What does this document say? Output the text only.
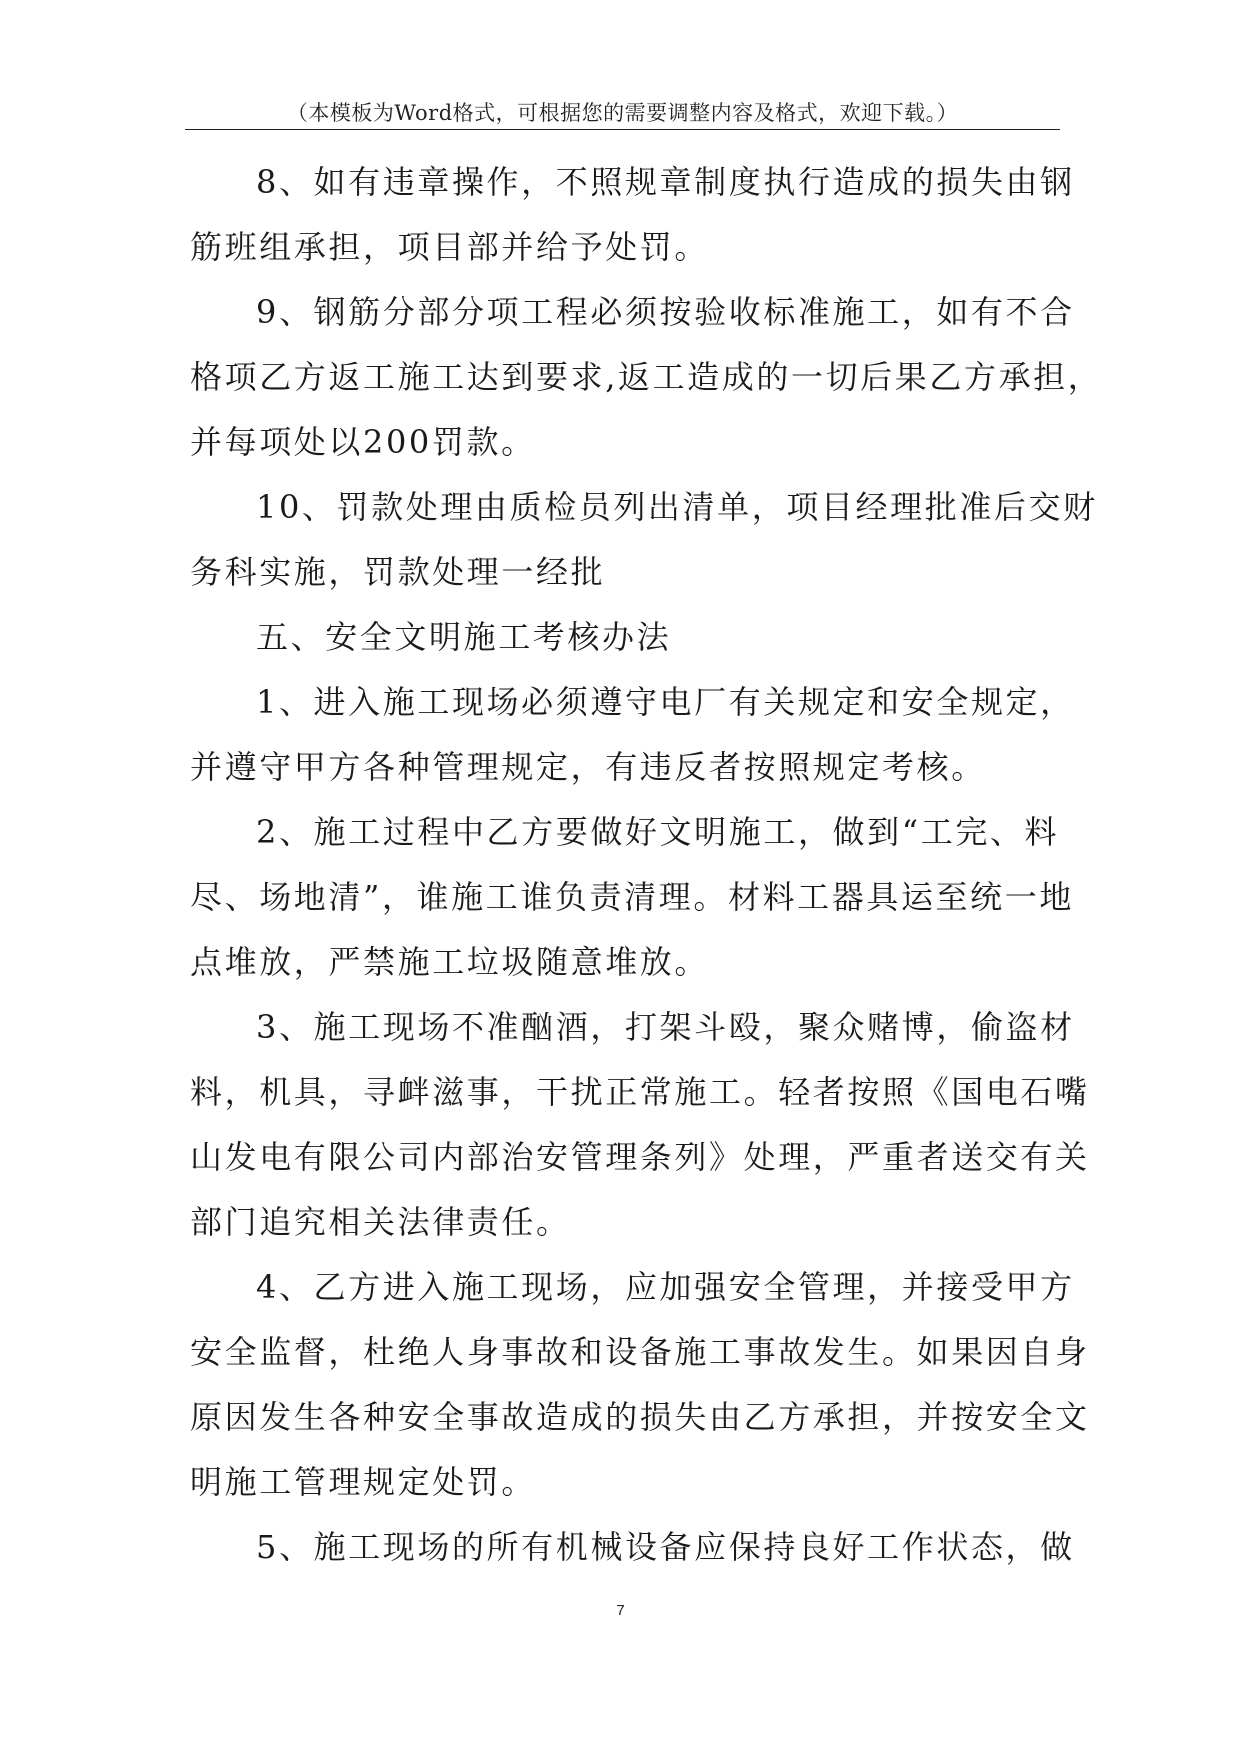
（本模板为Word格式，可根据您的需要调整内容及格式，欢迎下载。）

8、如有违章操作，不照规章制度执行造成的损失由钢
筋班组承担，项目部并给予处罚。

9、钢筋分部分项工程必须按验收标准施工，如有不合
格项乙方返工施工达到要求,返工造成的一切后果乙方承担，
并每项处以200罚款。

10、罚款处理由质检员列出清单，项目经理批准后交财
务科实施，罚款处理一经批

五、安全文明施工考核办法

1、进入施工现场必须遵守电厂有关规定和安全规定，
并遵守甲方各种管理规定，有违反者按照规定考核。

2、施工过程中乙方要做好文明施工，做到“工完、料
尽、场地清”，谁施工谁负责清理。材料工器具运至统一地
点堆放，严禁施工垃圾随意堆放。

3、施工现场不准酗酒，打架斗殴，聚众赌博，偷盗材
料，机具，寻衅滋事，干扰正常施工。轻者按照《国电石嘴
山发电有限公司内部治安管理条列》处理，严重者送交有关
部门追究相关法律责任。

4、乙方进入施工现场，应加强安全管理，并接受甲方
安全监督，杜绝人身事故和设备施工事故发生。如果因自身
原因发生各种安全事故造成的损失由乙方承担，并按安全文
明施工管理规定处罚。

5、施工现场的所有机械设备应保持良好工作状态，做

7
